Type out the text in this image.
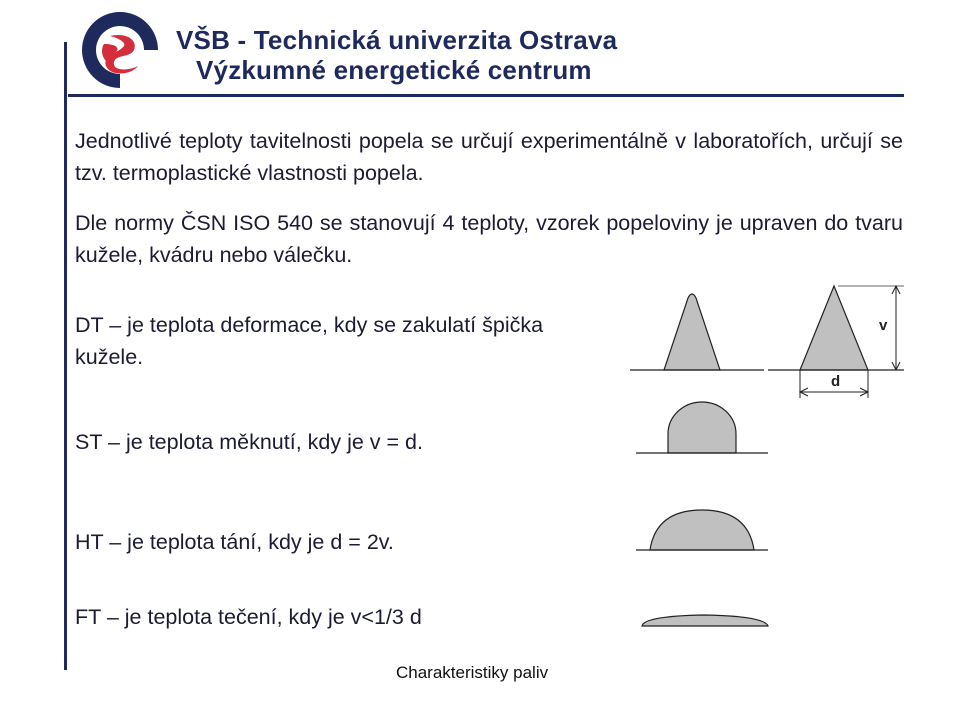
VŠB - Technická univerzita Ostrava
Výzkumné energetické centrum
Jednotlivé teploty tavitelnosti popela se určují experimentálně v laboratořích, určují se tzv. termoplastické vlastnosti popela.
Dle normy ČSN ISO 540 se stanovují 4 teploty, vzorek popeloviny je upraven do tvaru kužele, kvádru nebo válečku.
DT – je teplota deformace, kdy se zakulatí špička kužele.
ST – je teplota měknutí, kdy je v = d.
HT – je teplota tání, kdy je d = 2v.
FT – je teplota tečení, kdy je v<1/3 d
v
d
Charakteristiky paliv
